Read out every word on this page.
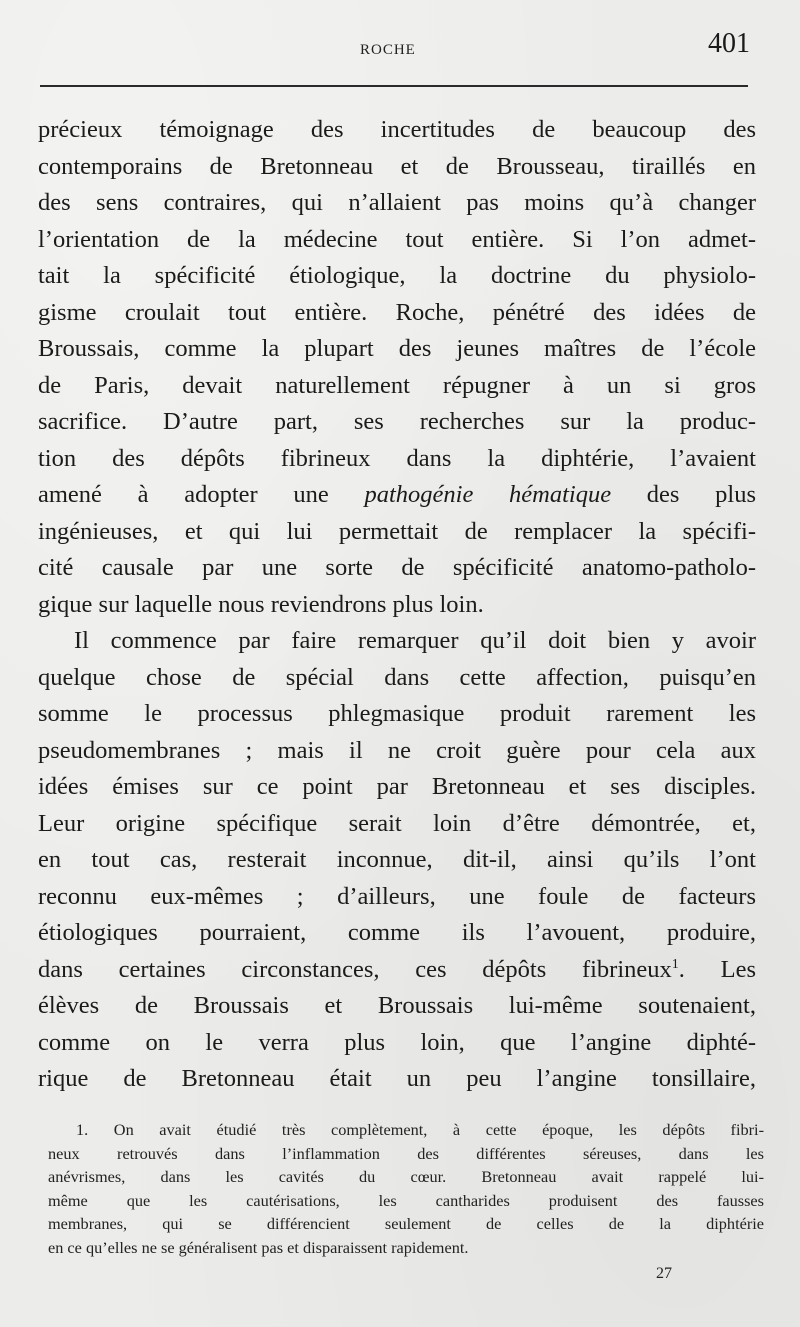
ROCHE	401
précieux témoignage des incertitudes de beaucoup des
contemporains de Bretonneau et de Brousseau, tiraillés en
des sens contraires, qui n’allaient pas moins qu’à changer
l’orientation de la médecine tout entière. Si l’on admet-
tait la spécificité étiologique, la doctrine du physiolo-
gisme croulait tout entière. Roche, pénétré des idées de
Broussais, comme la plupart des jeunes maîtres de l’école
de Paris, devait naturellement répugner à un si gros
sacrifice. D’autre part, ses recherches sur la produc-
tion des dépôts fibrineux dans la diphtérie, l’avaient
amené à adopter une pathogénie hématique des plus
ingénieuses, et qui lui permettait de remplacer la spécifi-
cité causale par une sorte de spécificité anatomo-patholo-
gique sur laquelle nous reviendrons plus loin.
Il commence par faire remarquer qu’il doit bien y avoir
quelque chose de spécial dans cette affection, puisqu’en
somme le processus phlegmasique produit rarement les
pseudomembranes ; mais il ne croit guère pour cela aux
idées émises sur ce point par Bretonneau et ses disciples.
Leur origine spécifique serait loin d’être démontrée, et,
en tout cas, resterait inconnue, dit-il, ainsi qu’ils l’ont
reconnu eux-mêmes ; d’ailleurs, une foule de facteurs
étiologiques pourraient, comme ils l’avouent, produire,
dans certaines circonstances, ces dépôts fibrineux$^1$. Les
élèves de Broussais et Broussais lui-même soutenaient,
comme on le verra plus loin, que l’angine diphté-
rique de Bretonneau était un peu l’angine tonsillaire,
1. On avait étudié très complètement, à cette époque, les dépôts fibri-
neux retrouvés dans l’inflammation des différentes séreuses, dans les
anévrismes, dans les cavités du cœur. Bretonneau avait rappelé lui-
même que les cautérisations, les cantharides produisent des fausses
membranes, qui se différencient seulement de celles de la diphtérie
en ce qu’elles ne se généralisent pas et disparaissent rapidement.
27
